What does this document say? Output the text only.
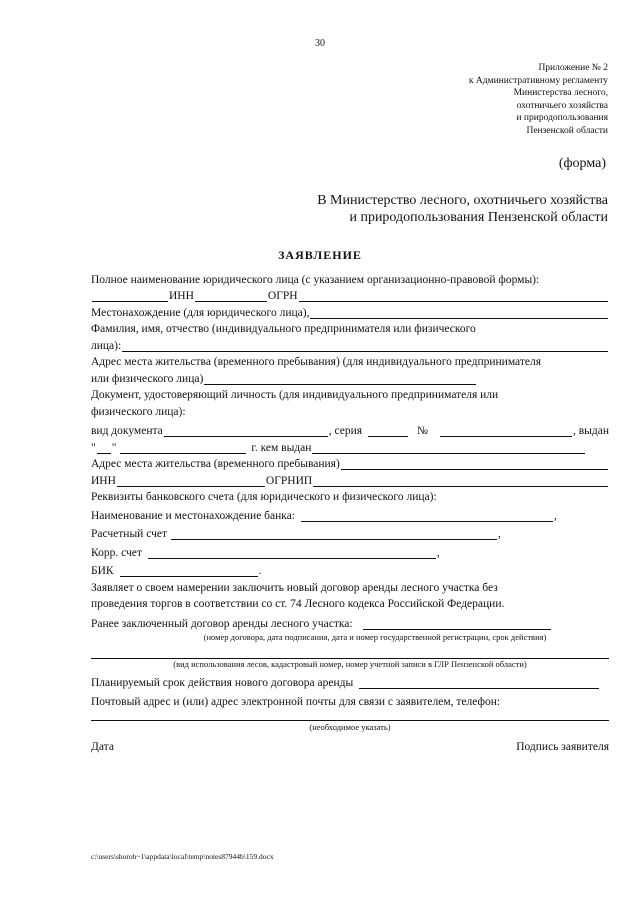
30
Приложение № 2
к Административному регламенту
Министерства лесного,
охотничьего хозяйства
и природопользования
Пензенской области
(форма)
В Министерство лесного, охотничьего хозяйства
и природопользования Пензенской области
ЗАЯВЛЕНИЕ
Полное наименование юридического лица (с указанием организационно-правовой формы):
ИНН	ОГРН
Местонахождение (для юридического лица),
Фамилия, имя, отчество (индивидуального предпринимателя или физического
лица):
Адрес места жительства (временного пребывания) (для индивидуального предпринимателя
или физического лица)
Документ, удостоверяющий личность (для индивидуального предпринимателя или
физического лица):
вид документа	, серия	№	, выдан
" "	г. кем выдан
Адрес места жительства (временного пребывания)
ИНН	ОГРНИП
Реквизиты банковского счета (для юридического и физического лица):
Наименование и местонахождение банка:	,
Расчетный счет	,
Корр. счет	,
БИК	.
Заявляет о своем намерении заключить новый договор аренды лесного участка без
проведения торгов в соответствии со ст. 74 Лесного кодекса Российской Федерации.
Ранее заключенный договор аренды лесного участка:
(номер договора, дата подписания, дата и номер государственной регистрации, срок действия)
(вид использования лесов, кадастровый номер, номер учетной записи в ГЛР Пензенской области)
Планируемый срок действия нового договора аренды
Почтовый адрес и (или) адрес электронной почты для связи с заявителем, телефон:
(необходимое указать)
Дата	Подпись заявителя
c:\users\shoroh~1\appdata\local\temp\notes87944b\159.docx
